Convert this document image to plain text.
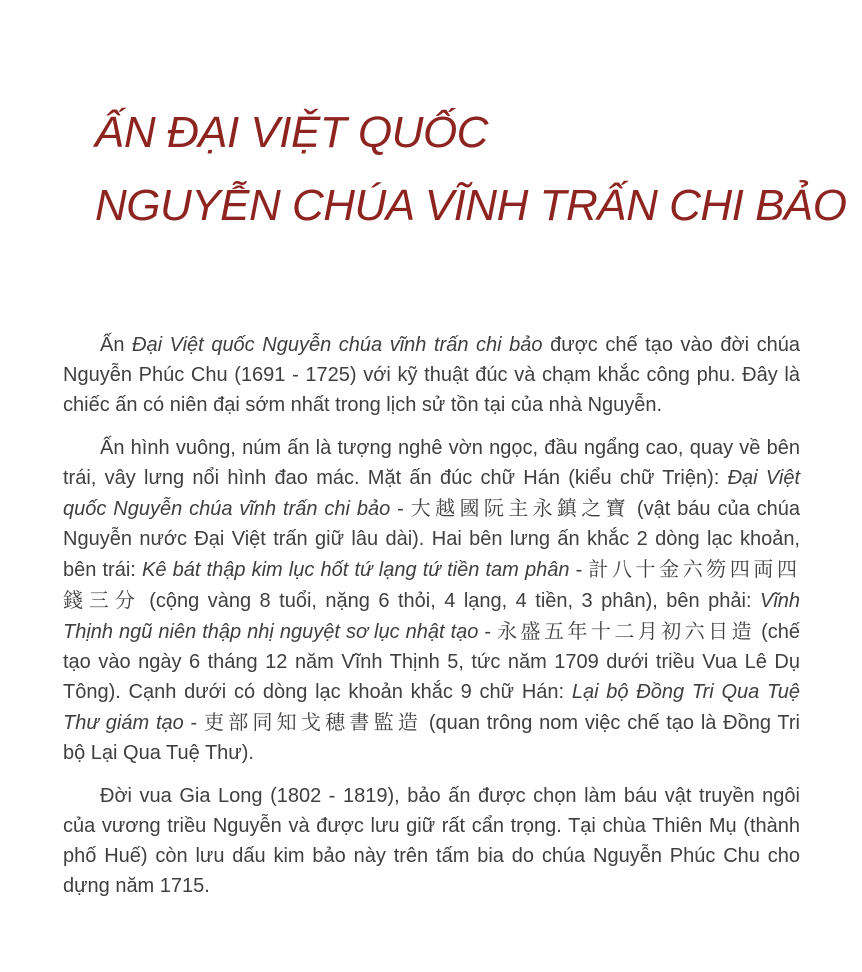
ẤN ĐẠI VIỆT QUỐC
NGUYỄN CHÚA VĨNH TRẤN CHI BẢO

Ấn Đại Việt quốc Nguyễn chúa vĩnh trấn chi bảo được chế tạo vào đời chúa Nguyễn Phúc Chu (1691 - 1725) với kỹ thuật đúc và chạm khắc công phu. Đây là chiếc ấn có niên đại sớm nhất trong lịch sử tồn tại của nhà Nguyễn.

Ấn hình vuông, núm ấn là tượng nghê vờn ngọc, đầu ngẩng cao, quay về bên trái, vây lưng nổi hình đao mác. Mặt ấn đúc chữ Hán (kiểu chữ Triện): Đại Việt quốc Nguyễn chúa vĩnh trấn chi bảo - 大越國阮主永鎮之寶 (vật báu của chúa Nguyễn nước Đại Việt trấn giữ lâu dài). Hai bên lưng ấn khắc 2 dòng lạc khoản, bên trái: Kê bát thập kim lục hốt tứ lạng tứ tiền tam phân - 計八十金六笏四両四錢三分 (cộng vàng 8 tuổi, nặng 6 thỏi, 4 lạng, 4 tiền, 3 phân), bên phải: Vĩnh Thịnh ngũ niên thập nhị nguyệt sơ lục nhật tạo - 永盛五年十二月初六日造 (chế tạo vào ngày 6 tháng 12 năm Vĩnh Thịnh 5, tức năm 1709 dưới triều Vua Lê Dụ Tông). Cạnh dưới có dòng lạc khoản khắc 9 chữ Hán: Lại bộ Đồng Tri Qua Tuệ Thư giám tạo - 吏部同知戈穂書監造 (quan trông nom việc chế tạo là Đồng Tri bộ Lại Qua Tuệ Thư).

Đời vua Gia Long (1802 - 1819), bảo ấn được chọn làm báu vật truyền ngôi của vương triều Nguyễn và được lưu giữ rất cẩn trọng. Tại chùa Thiên Mụ (thành phố Huế) còn lưu dấu kim bảo này trên tấm bia do chúa Nguyễn Phúc Chu cho dựng năm 1715.
